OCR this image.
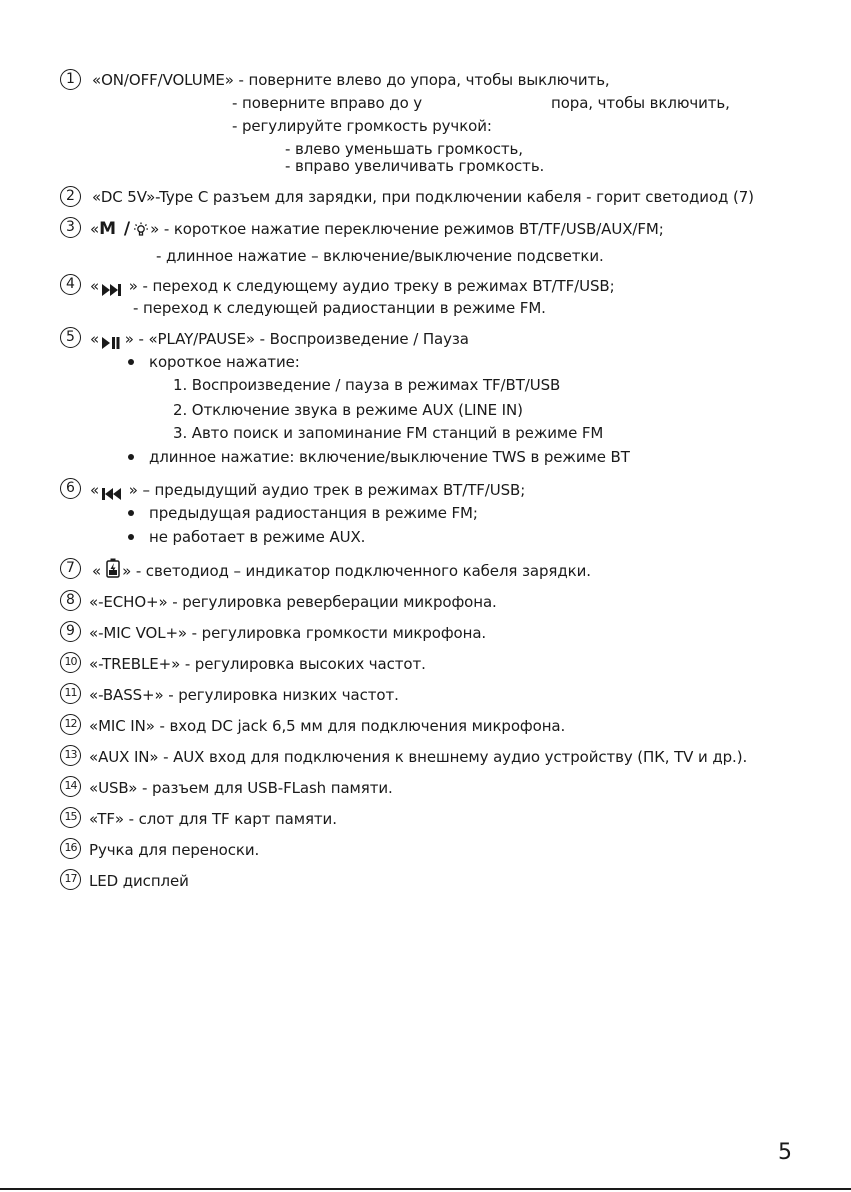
1	«ON/OFF/VOLUME» - поверните влево до упора, чтобы выключить,
- поверните вправо до у	пора, чтобы включить,
- регулируйте громкость ручкой:
- влево уменьшать громкость,
- вправо увеличивать громкость.
2	«DC 5V»-Type C разъем для зарядки, при подключении кабеля - горит светодиод (7)
3	«M / » - короткое нажатие переключение режимов BT/TF/USB/AUX/FM;
- длинное нажатие – включение/выключение подсветки.
4	« » - переход к следующему аудио треку в режимах BT/TF/USB;
- переход к следующей радиостанции в режиме FM.
5	« » - «PLAY/PAUSE» - Воспроизведение / Пауза
короткое нажатие:
1. Воспроизведение / пауза в режимах TF/BT/USB
2. Отключение звука в режиме AUX (LINE IN)
3. Авто поиск и запоминание FM станций в режиме FM
длинное нажатие: включение/выключение TWS в режиме BT
6	« » – предыдущий аудио трек в режимах BT/TF/USB;
предыдущая радиостанция в режиме FM;
не работает в режиме AUX.
7	« » - светодиод – индикатор подключенного кабеля зарядки.
8 «-ECHO+» - регулировка реверберации микрофона.
9 «-MIC VOL+» - регулировка громкости микрофона.
10 «-TREBLE+» - регулировка высоких частот.
11 «-BASS+» - регулировка низких частот.
12 «MIC IN» - вход DC jack 6,5 мм для подключения микрофона.
13 «AUX IN» - AUX вход для подключения к внешнему аудио устройству (ПК, TV и др.).
14 «USB» - разъем для USB-FLash памяти.
15 «TF» - слот для TF карт памяти.
16 Ручка для переноски.
17 LED дисплей
5
